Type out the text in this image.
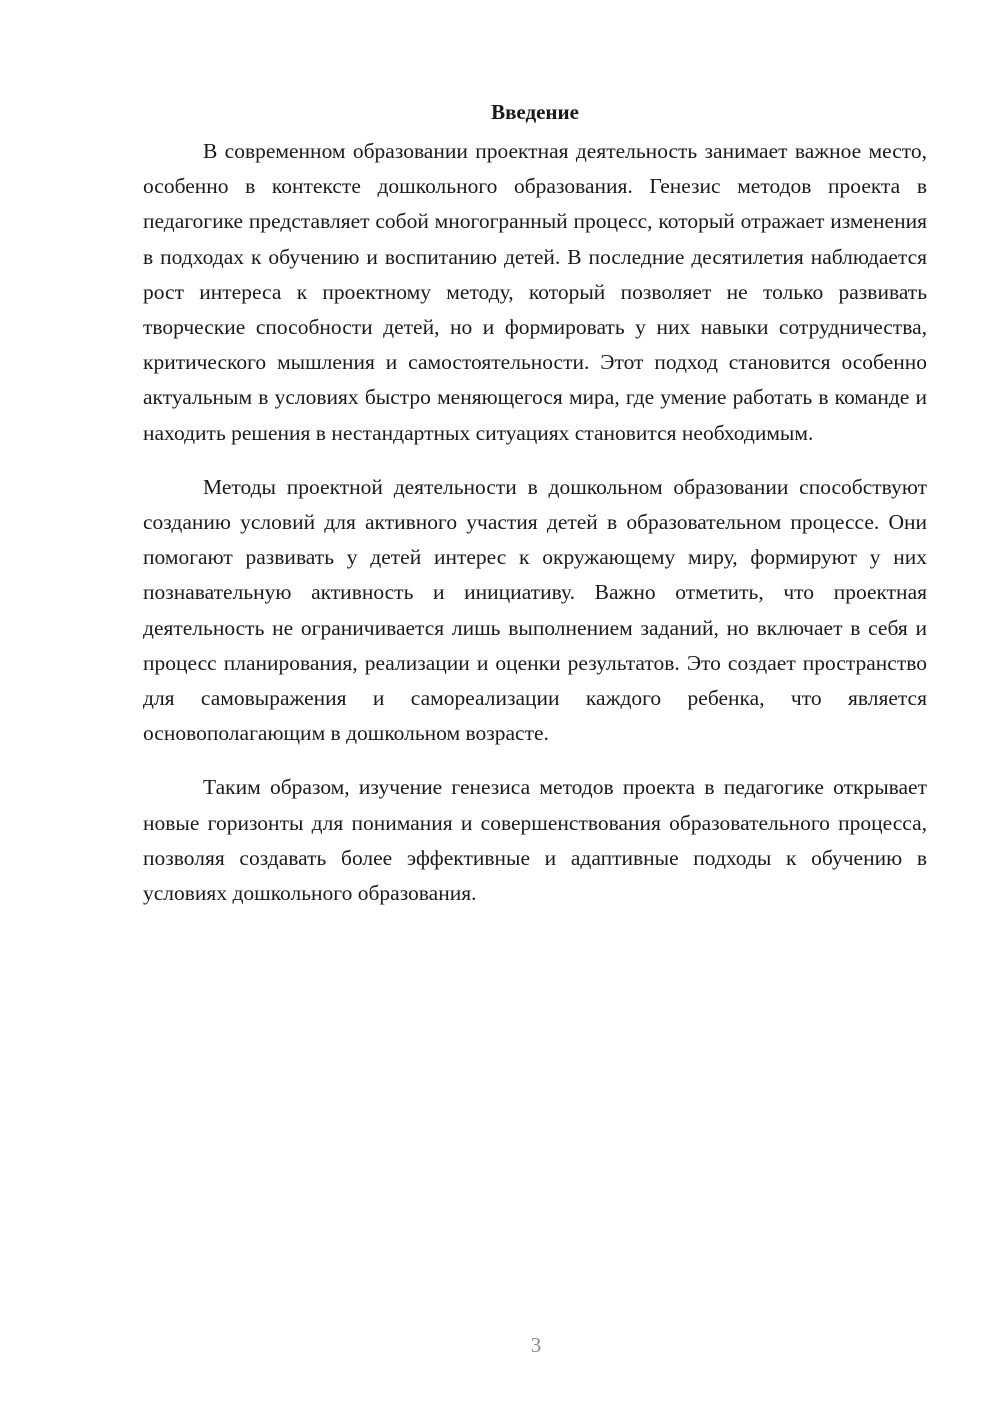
Введение

В современном образовании проектная деятельность занимает важное место, особенно в контексте дошкольного образования. Генезис методов проекта в педагогике представляет собой многогранный процесс, который отражает изменения в подходах к обучению и воспитанию детей. В последние десятилетия наблюдается рост интереса к проектному методу, который позволяет не только развивать творческие способности детей, но и формировать у них навыки сотрудничества, критического мышления и самостоятельности. Этот подход становится особенно актуальным в условиях быстро меняющегося мира, где умение работать в команде и находить решения в нестандартных ситуациях становится необходимым.

Методы проектной деятельности в дошкольном образовании способствуют созданию условий для активного участия детей в образовательном процессе. Они помогают развивать у детей интерес к окружающему миру, формируют у них познавательную активность и инициативу. Важно отметить, что проектная деятельность не ограничивается лишь выполнением заданий, но включает в себя и процесс планирования, реализации и оценки результатов. Это создает пространство для самовыражения и самореализации каждого ребенка, что является основополагающим в дошкольном возрасте.

Таким образом, изучение генезиса методов проекта в педагогике открывает новые горизонты для понимания и совершенствования образовательного процесса, позволяя создавать более эффективные и адаптивные подходы к обучению в условиях дошкольного образования.

3
